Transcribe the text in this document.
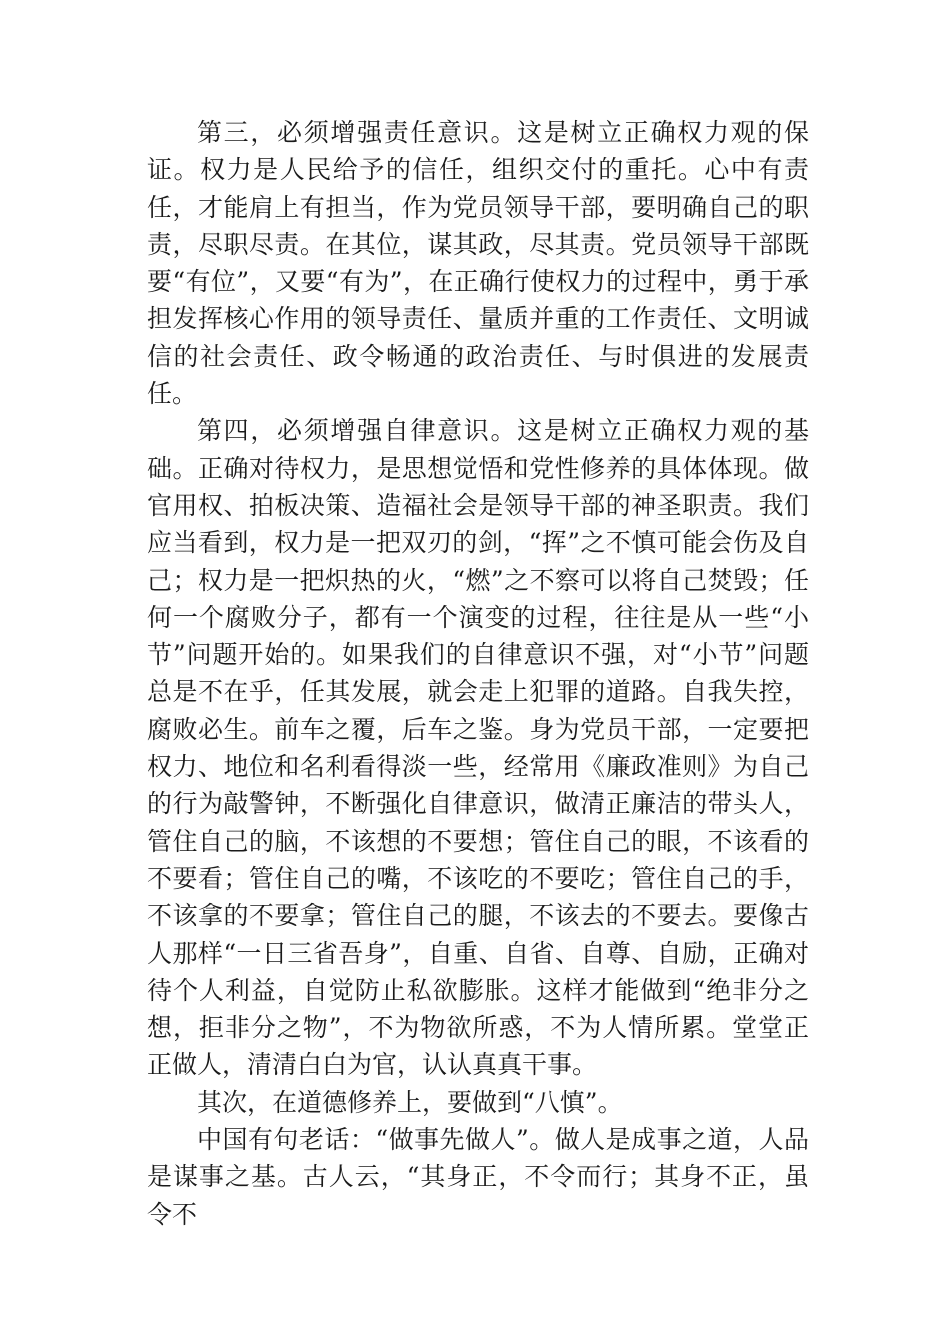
第三，必须增强责任意识。这是树立正确权力观的保证。权力是人民给予的信任，组织交付的重托。心中有责任，才能肩上有担当，作为党员领导干部，要明确自己的职责，尽职尽责。在其位，谋其政，尽其责。党员领导干部既要“有位”，又要“有为”，在正确行使权力的过程中，勇于承担发挥核心作用的领导责任、量质并重的工作责任、文明诚信的社会责任、政令畅通的政治责任、与时俱进的发展责任。

第四，必须增强自律意识。这是树立正确权力观的基础。正确对待权力，是思想觉悟和党性修养的具体体现。做官用权、拍板决策、造福社会是领导干部的神圣职责。我们应当看到，权力是一把双刃的剑，“挥”之不慎可能会伤及自己；权力是一把炽热的火，“燃”之不察可以将自己焚毁；任何一个腐败分子，都有一个演变的过程，往往是从一些“小节”问题开始的。如果我们的自律意识不强，对“小节”问题总是不在乎，任其发展，就会走上犯罪的道路。自我失控，腐败必生。前车之覆，后车之鉴。身为党员干部，一定要把权力、地位和名利看得淡一些，经常用《廉政准则》为自己的行为敲警钟，不断强化自律意识，做清正廉洁的带头人，管住自己的脑，不该想的不要想；管住自己的眼，不该看的不要看；管住自己的嘴，不该吃的不要吃；管住自己的手，不该拿的不要拿；管住自己的腿，不该去的不要去。要像古人那样“一日三省吾身”，自重、自省、自尊、自励，正确对待个人利益，自觉防止私欲膨胀。这样才能做到“绝非分之想，拒非分之物”，不为物欲所惑，不为人情所累。堂堂正正做人，清清白白为官，认认真真干事。

其次，在道德修养上，要做到“八慎”。

中国有句老话：“做事先做人”。做人是成事之道，人品是谋事之基。古人云，“其身正，不令而行；其身不正，虽令不
